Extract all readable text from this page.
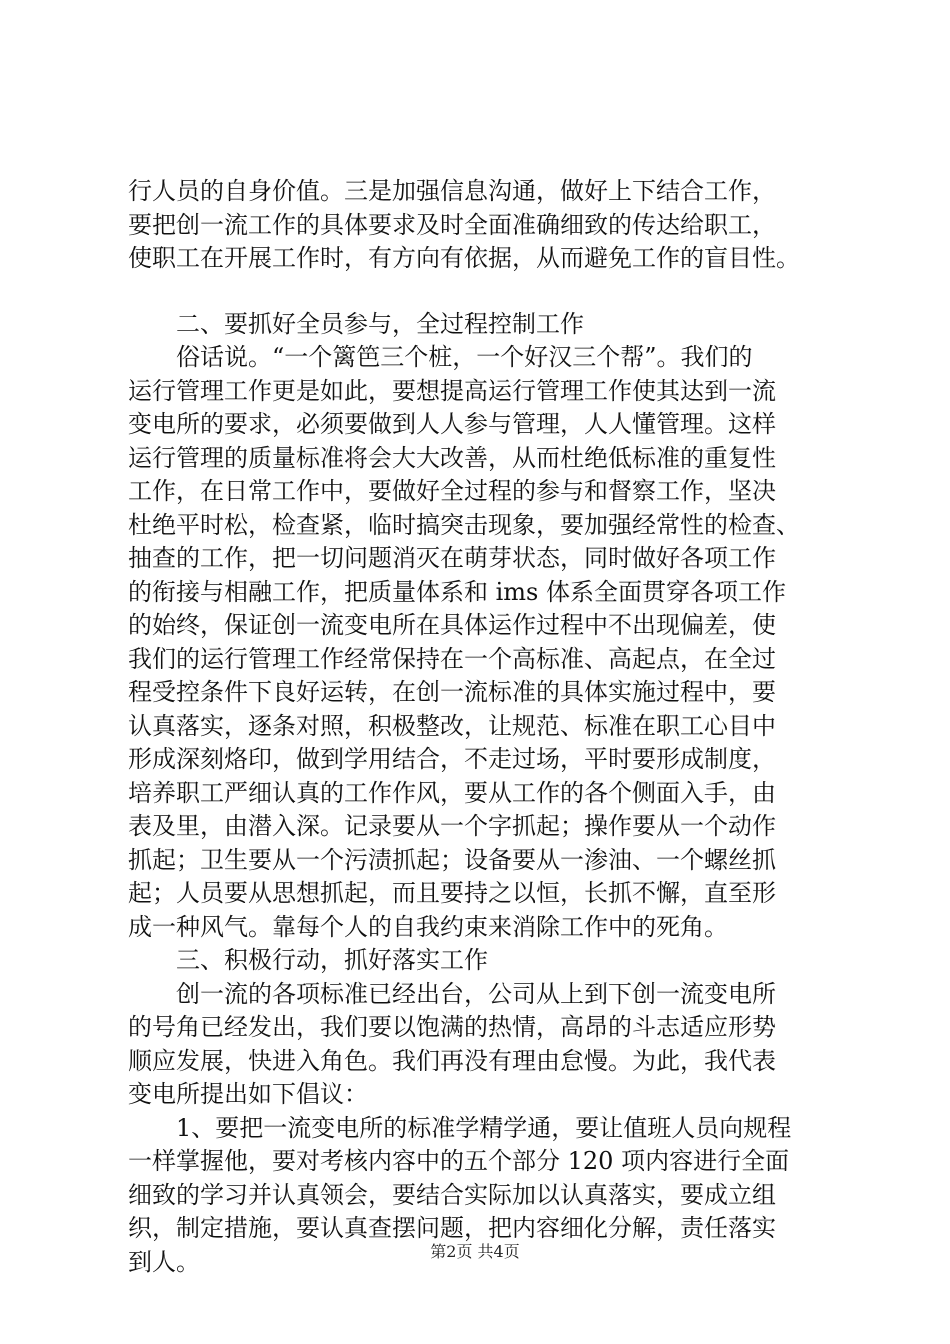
行人员的自身价值。三是加强信息沟通，做好上下结合工作，
要把创一流工作的具体要求及时全面准确细致的传达给职工，
使职工在开展工作时，有方向有依据，从而避免工作的盲目性。
　　二、要抓好全员参与，全过程控制工作
　　俗话说。“一个篱笆三个桩，一个好汉三个帮”。我们的
运行管理工作更是如此，要想提高运行管理工作使其达到一流
变电所的要求，必须要做到人人参与管理，人人懂管理。这样
运行管理的质量标准将会大大改善，从而杜绝低标准的重复性
工作，在日常工作中，要做好全过程的参与和督察工作，坚决
杜绝平时松，检查紧，临时搞突击现象，要加强经常性的检查、
抽查的工作，把一切问题消灭在萌芽状态，同时做好各项工作
的衔接与相融工作，把质量体系和 ims 体系全面贯穿各项工作
的始终，保证创一流变电所在具体运作过程中不出现偏差，使
我们的运行管理工作经常保持在一个高标准、高起点，在全过
程受控条件下良好运转，在创一流标准的具体实施过程中，要
认真落实，逐条对照，积极整改，让规范、标准在职工心目中
形成深刻烙印，做到学用结合，不走过场，平时要形成制度，
培养职工严细认真的工作作风，要从工作的各个侧面入手，由
表及里，由潜入深。记录要从一个字抓起；操作要从一个动作
抓起；卫生要从一个污渍抓起；设备要从一渗油、一个螺丝抓
起；人员要从思想抓起，而且要持之以恒，长抓不懈，直至形
成一种风气。靠每个人的自我约束来消除工作中的死角。
　　三、积极行动，抓好落实工作
　　创一流的各项标准已经出台，公司从上到下创一流变电所
的号角已经发出，我们要以饱满的热情，高昂的斗志适应形势
顺应发展，快进入角色。我们再没有理由怠慢。为此，我代表
变电所提出如下倡议：
　　1、要把一流变电所的标准学精学通，要让值班人员向规程
一样掌握他，要对考核内容中的五个部分 120 项内容进行全面
细致的学习并认真领会，要结合实际加以认真落实，要成立组
织，制定措施，要认真查摆问题，把内容细化分解，责任落实
到人。	第2页 共4页
